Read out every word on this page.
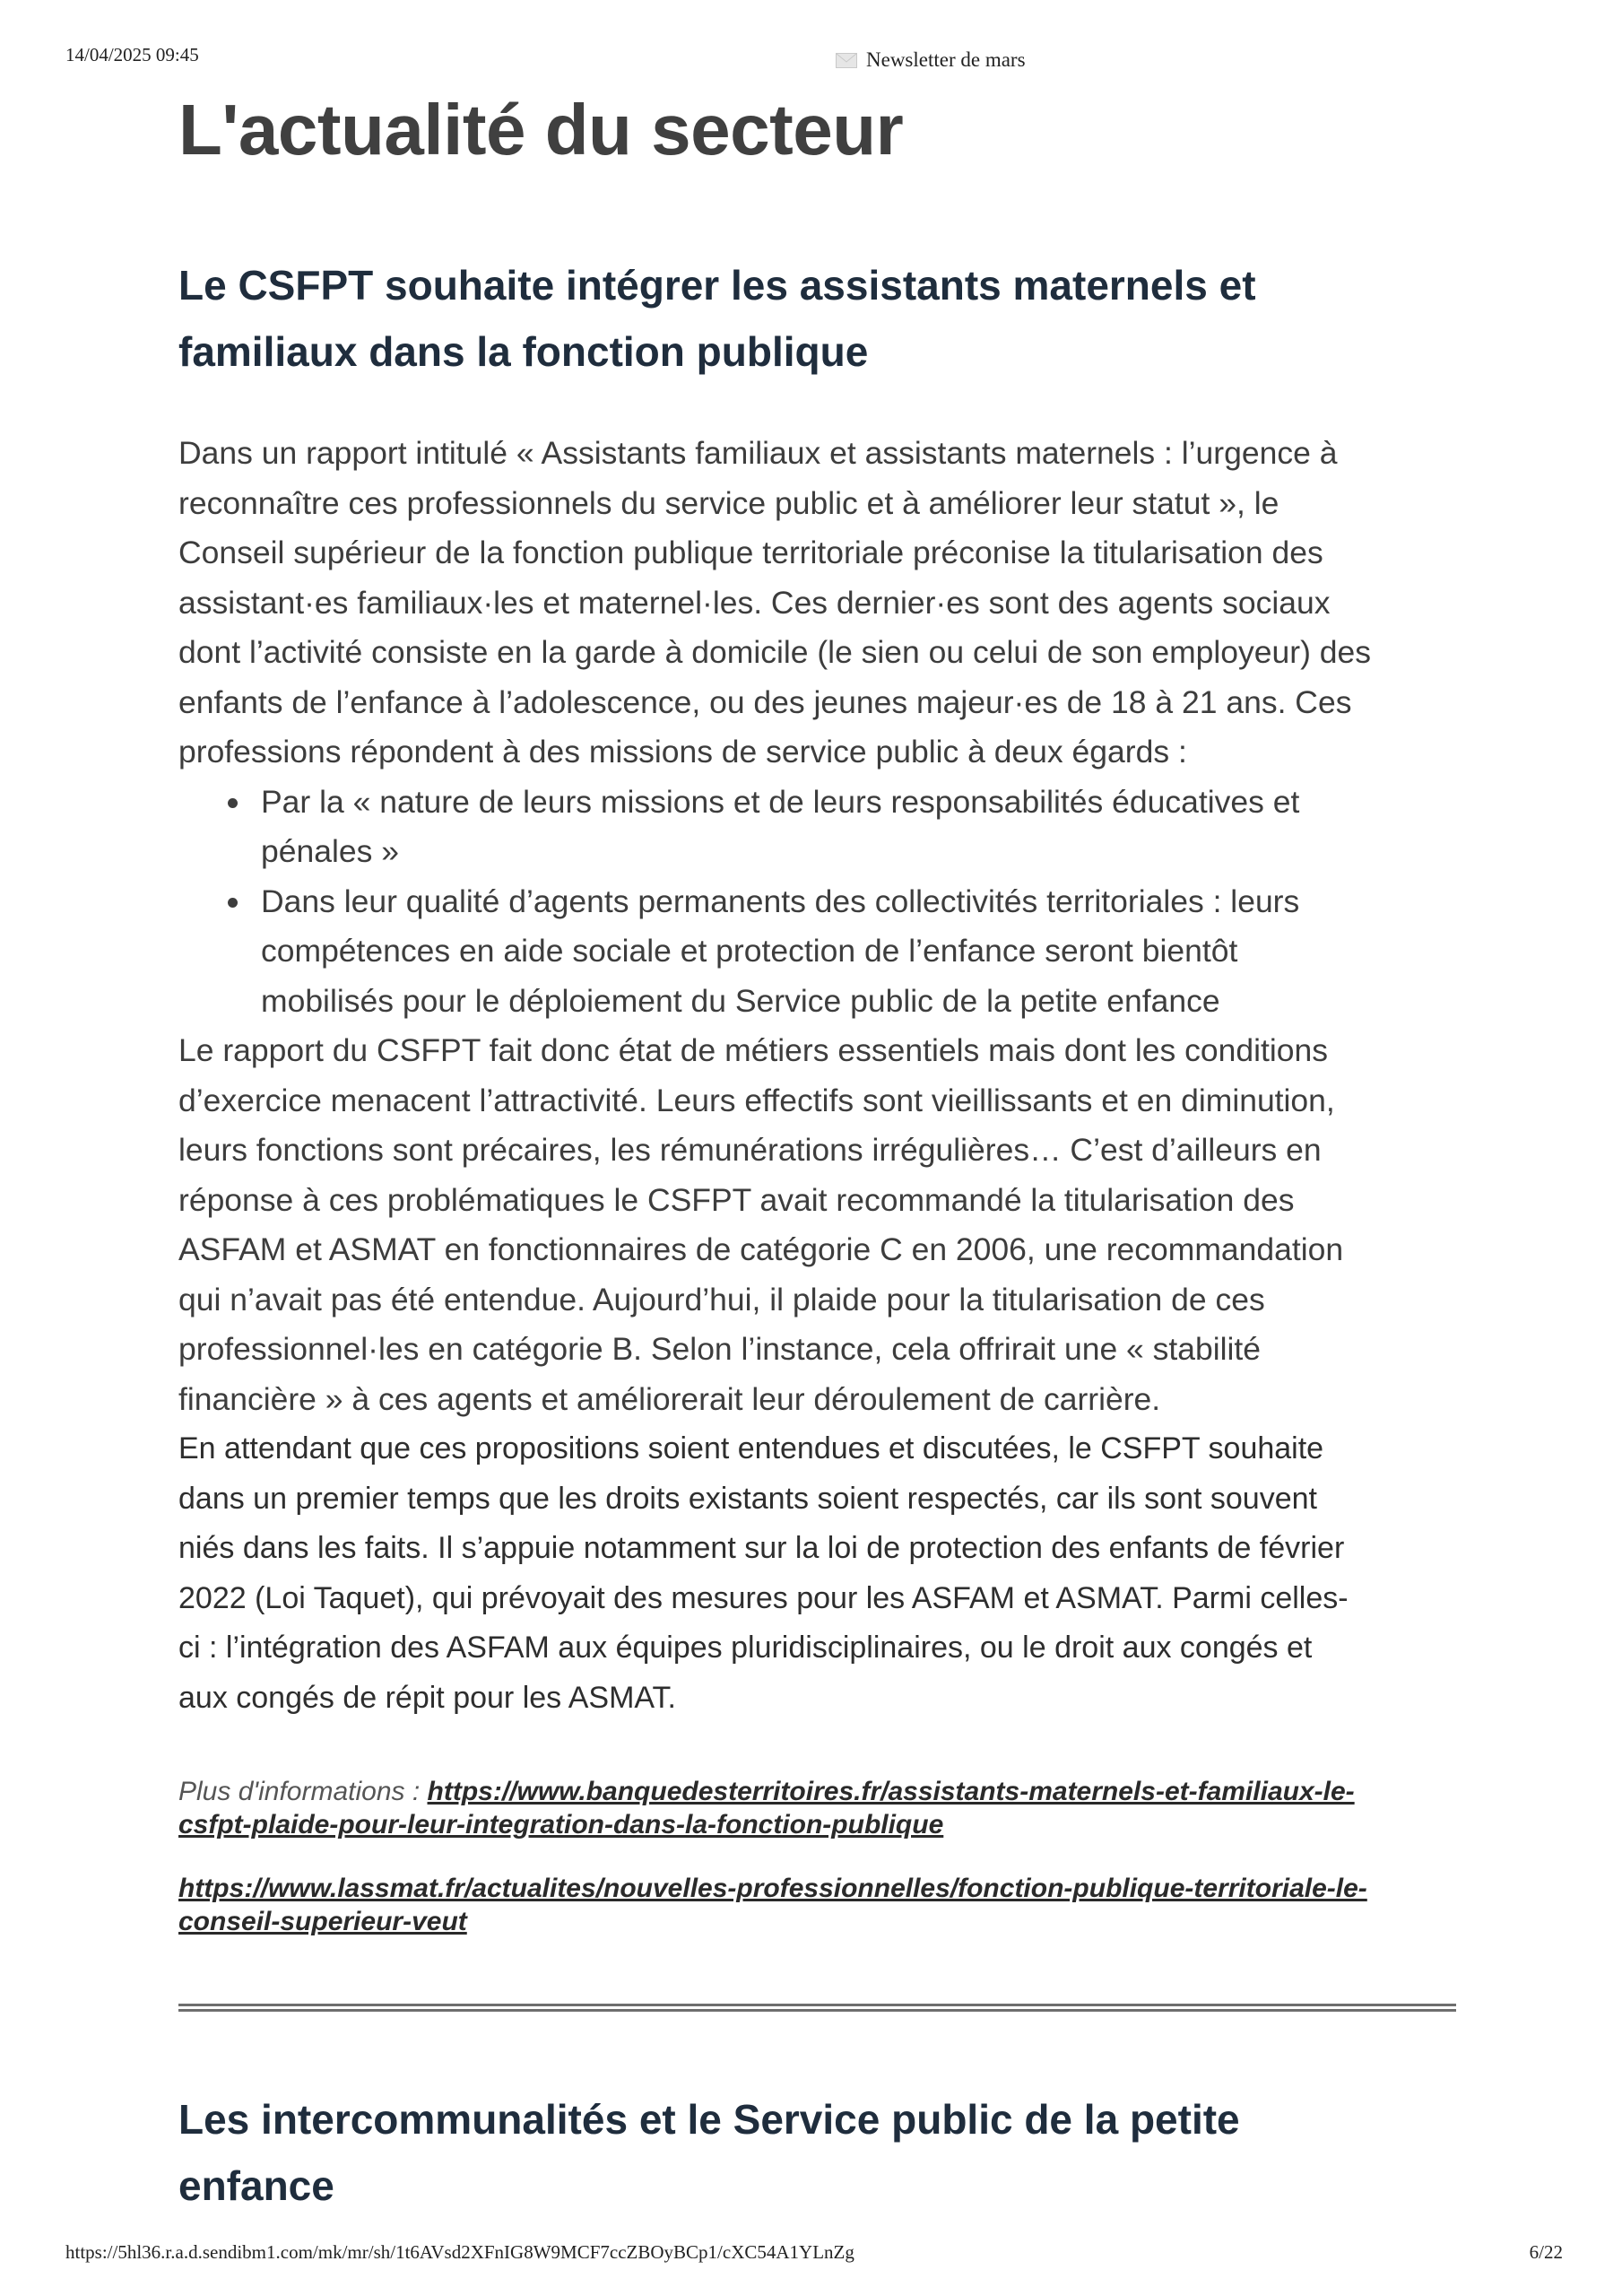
14/04/2025 09:45	Newsletter de mars
L'actualité du secteur
Le CSFPT souhaite intégrer les assistants maternels et
familiaux dans la fonction publique

Dans un rapport intitulé « Assistants familiaux et assistants maternels : l’urgence à
reconnaître ces professionnels du service public et à améliorer leur statut », le
Conseil supérieur de la fonction publique territoriale préconise la titularisation des
assistant·es familiaux·les et maternel·les. Ces dernier·es sont des agents sociaux
dont l’activité consiste en la garde à domicile (le sien ou celui de son employeur) des
enfants de l’enfance à l’adolescence, ou des jeunes majeur·es de 18 à 21 ans. Ces
professions répondent à des missions de service public à deux égards :

Par la « nature de leurs missions et de leurs responsabilités éducatives et
pénales »
Dans leur qualité d’agents permanents des collectivités territoriales : leurs
compétences en aide sociale et protection de l’enfance seront bientôt
mobilisés pour le déploiement du Service public de la petite enfance

Le rapport du CSFPT fait donc état de métiers essentiels mais dont les conditions
d’exercice menacent l’attractivité. Leurs effectifs sont vieillissants et en diminution,
leurs fonctions sont précaires, les rémunérations irrégulières… C’est d’ailleurs en
réponse à ces problématiques le CSFPT avait recommandé la titularisation des
ASFAM et ASMAT en fonctionnaires de catégorie C en 2006, une recommandation
qui n’avait pas été entendue. Aujourd’hui, il plaide pour la titularisation de ces
professionnel·les en catégorie B. Selon l’instance, cela offrirait une « stabilité
financière » à ces agents et améliorerait leur déroulement de carrière.

En attendant que ces propositions soient entendues et discutées, le CSFPT souhaite
dans un premier temps que les droits existants soient respectés, car ils sont souvent
niés dans les faits. Il s’appuie notamment sur la loi de protection des enfants de février
2022 (Loi Taquet), qui prévoyait des mesures pour les ASFAM et ASMAT. Parmi celles-
ci : l’intégration des ASFAM aux équipes pluridisciplinaires, ou le droit aux congés et
aux congés de répit pour les ASMAT.

Plus d'informations : https://www.banquedesterritoires.fr/assistants-maternels-et-familiaux-le-
csfpt-plaide-pour-leur-integration-dans-la-fonction-publique
https://www.lassmat.fr/actualites/nouvelles-professionnelles/fonction-publique-territoriale-le-
conseil-superieur-veut
Les intercommunalités et le Service public de la petite
enfance
https://5hl36.r.a.d.sendibm1.com/mk/mr/sh/1t6AVsd2XFnIG8W9MCF7ccZBOyBCp1/cXC54A1YLnZg	6/22
